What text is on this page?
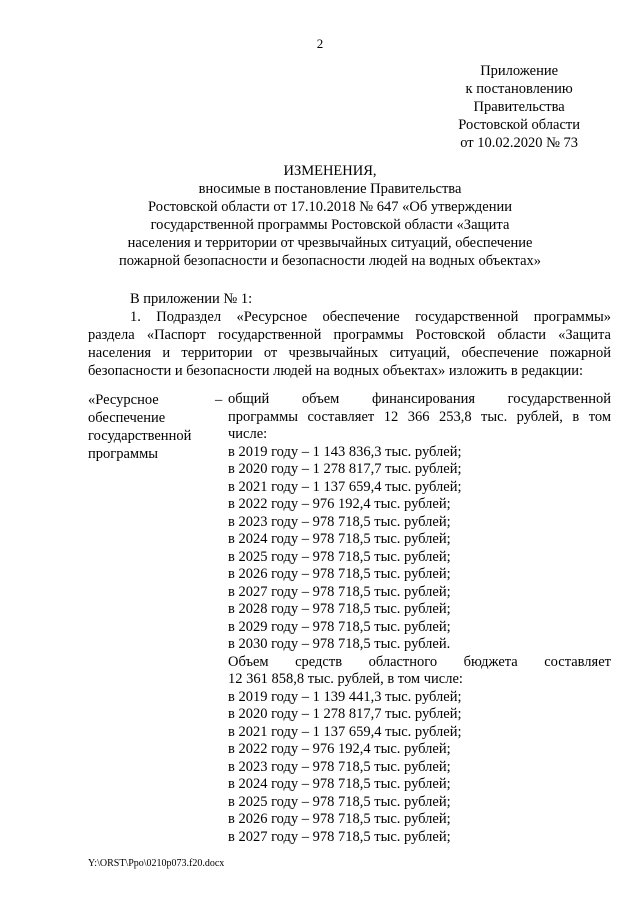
2
Приложение
к постановлению
Правительства
Ростовской области
от 10.02.2020 № 73
ИЗМЕНЕНИЯ,
вносимые в постановление Правительства
Ростовской области от 17.10.2018 № 647 «Об утверждении
государственной программы Ростовской области «Защита
населения и территории от чрезвычайных ситуаций, обеспечение
пожарной безопасности и безопасности людей на водных объектах»
В приложении № 1:
1. Подраздел «Ресурсное обеспечение государственной программы»
раздела «Паспорт государственной программы Ростовской области «Защита
населения и территории от чрезвычайных ситуаций, обеспечение пожарной
безопасности и безопасности людей на водных объектах» изложить в редакции:
«Ресурсное
обеспечение
государственной
программы
– общий объем финансирования государственной
программы составляет 12 366 253,8 тыс. рублей, в том
числе:
в 2019 году – 1 143 836,3 тыс. рублей;
в 2020 году – 1 278 817,7 тыс. рублей;
в 2021 году – 1 137 659,4 тыс. рублей;
в 2022 году – 976 192,4 тыс. рублей;
в 2023 году – 978 718,5 тыс. рублей;
в 2024 году – 978 718,5 тыс. рублей;
в 2025 году – 978 718,5 тыс. рублей;
в 2026 году – 978 718,5 тыс. рублей;
в 2027 году – 978 718,5 тыс. рублей;
в 2028 году – 978 718,5 тыс. рублей;
в 2029 году – 978 718,5 тыс. рублей;
в 2030 году – 978 718,5 тыс. рублей.
Объем средств областного бюджета составляет
12 361 858,8 тыс. рублей, в том числе:
в 2019 году – 1 139 441,3 тыс. рублей;
в 2020 году – 1 278 817,7 тыс. рублей;
в 2021 году – 1 137 659,4 тыс. рублей;
в 2022 году – 976 192,4 тыс. рублей;
в 2023 году – 978 718,5 тыс. рублей;
в 2024 году – 978 718,5 тыс. рублей;
в 2025 году – 978 718,5 тыс. рублей;
в 2026 году – 978 718,5 тыс. рублей;
в 2027 году – 978 718,5 тыс. рублей;
Y:\ORST\Ppo\0210p073.f20.docx
